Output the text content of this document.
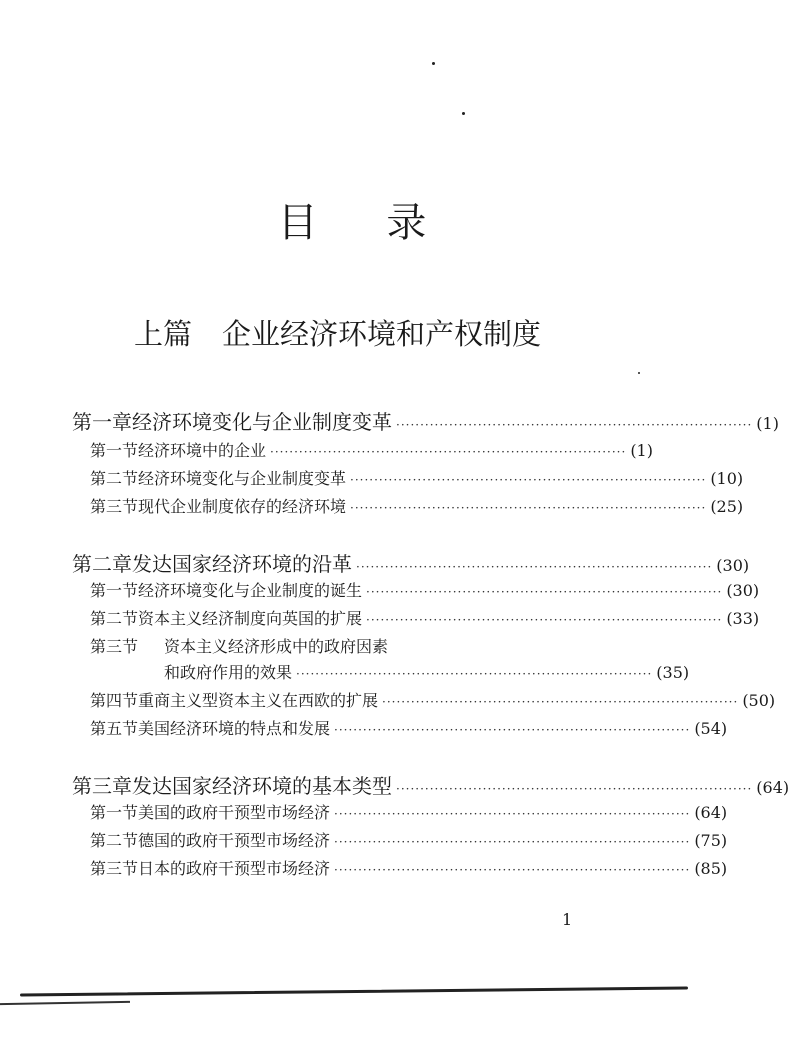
目 录
上篇 企业经济环境和产权制度
第一章 经济环境变化与企业制度变革 ·········································································· (1)
第一节 经济环境中的企业 ·········································································· (1)
第二节 经济环境变化与企业制度变革 ·········································································· (10)
第三节 现代企业制度依存的经济环境 ·········································································· (25)
第二章 发达国家经济环境的沿革 ·········································································· (30)
第一节 经济环境变化与企业制度的诞生 ·········································································· (30)
第二节 资本主义经济制度向英国的扩展 ·········································································· (33)
第三节	资本主义经济形成中的政府因素
和政府作用的效果 ·········································································· (35)
第四节 重商主义型资本主义在西欧的扩展 ·········································································· (50)
第五节 美国经济环境的特点和发展 ·········································································· (54)
第三章 发达国家经济环境的基本类型 ·········································································· (64)
第一节 美国的政府干预型市场经济 ·········································································· (64)
第二节 德国的政府干预型市场经济 ·········································································· (75)
第三节 日本的政府干预型市场经济 ·········································································· (85)
1
